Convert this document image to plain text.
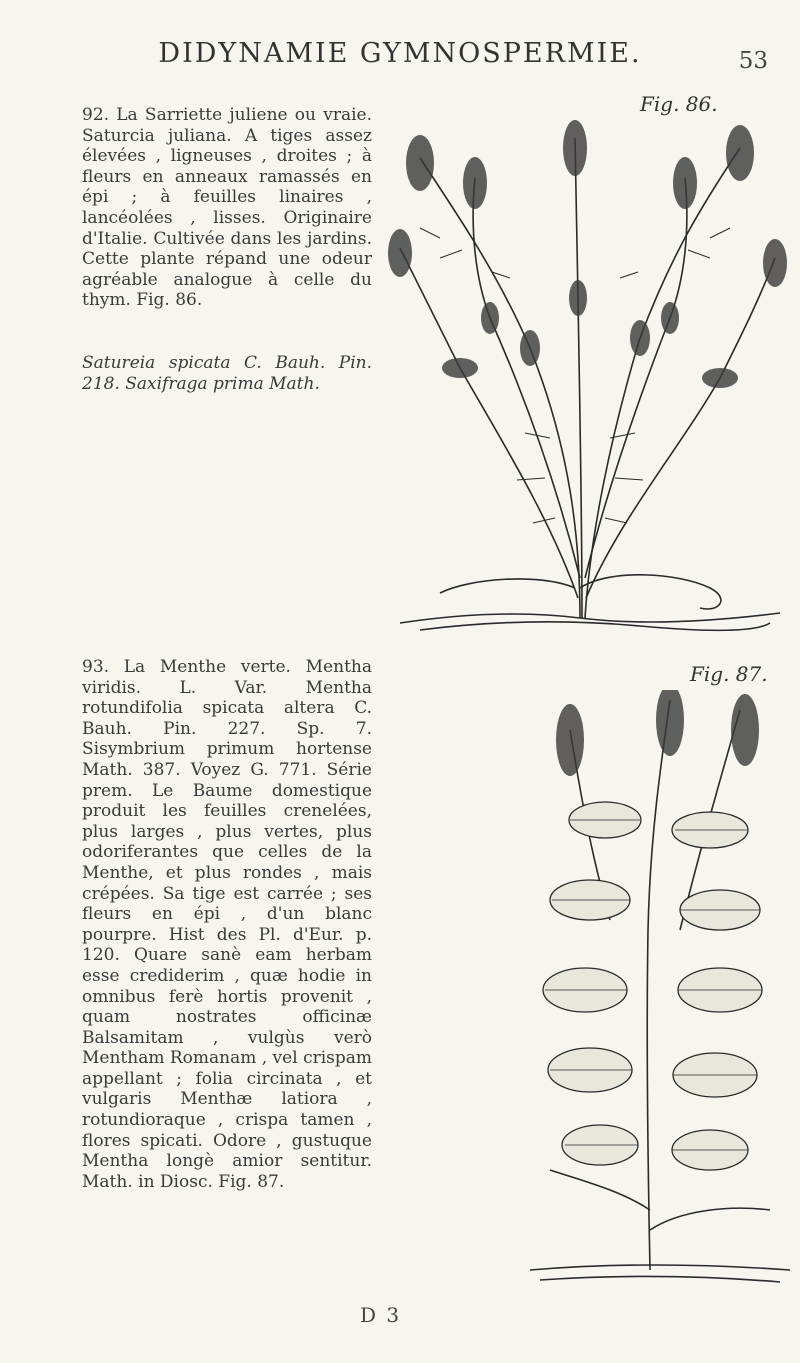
DIDYNAMIE GYMNOSPERMIE.	53

92. La Sarriette juliene ou vraie. Saturcia juliana. A tiges assez élevées , ligneuses , droites ; à fleurs en anneaux ramassés en épi ; à feuilles linaires , lancéolées , lisses. Originaire d'Italie. Cultivée dans les jardins. Cette plante répand une odeur agréable analogue à celle du thym. Fig. 86.

Satureia spicata C. Bauh. Pin. 218. Saxifraga prima Math.

93. La Menthe verte. Mentha viridis. L. Var. Mentha rotundifolia spicata altera C. Bauh. Pin. 227. Sp. 7. Sisymbrium primum hortense Math. 387. Voyez G. 771. Série prem. Le Baume domestique produit les feuilles crenelées, plus larges , plus vertes, plus odoriferantes que celles de la Menthe, et plus rondes , mais crépées. Sa tige est carrée ; ses fleurs en épi , d'un blanc pourpre. Hist des Pl. d'Eur. p. 120. Quare sanè eam herbam esse crediderim , quæ hodie in omnibus ferè hortis provenit , quam nostrates officinæ Balsamitam , vulgùs verò Mentham Romanam , vel crispam appellant ; folia circinata , et vulgaris Menthæ latiora , rotundioraque , crispa tamen , flores spicati. Odore , gustuque Mentha longè amior sentitur. Math. in Diosc. Fig. 87.

Fig. 86.
Fig. 87.
D 3
